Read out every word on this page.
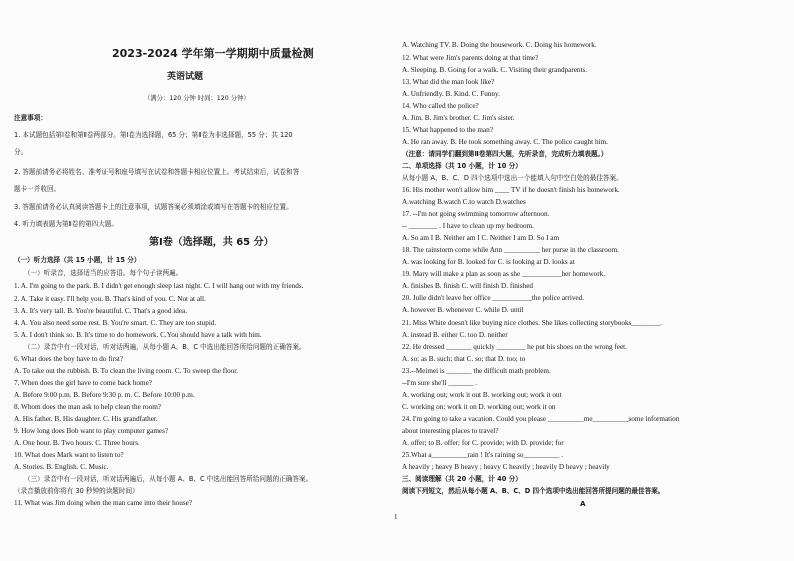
2023-2024 学年第一学期期中质量检测
英语试题
（满分：120 分钟 时间：120 分钟）
注意事项：
1. 本试题包括第Ⅰ卷和第Ⅱ卷两部分。第Ⅰ卷为选择题，65 分；第Ⅱ卷为非选择题，55 分；共 120
分。
2. 答题前请务必将姓名、准考证号和座号填写在试卷和答题卡相应位置上。考试结束后，试卷和答
题卡一并收回。
3. 答题前请务必认真阅读答题卡上的注意事项，试题答案必须填涂或填写在答题卡的相应位置。
4. 听力填表题为第Ⅱ卷的第四大题。
第Ⅰ卷（选择题，共 65 分）
（一）听力选择（共 15 小题，计 15 分）
（一）听录音，选择适当的应答语。每个句子读两遍。
1. A. I'm going to the park. B. I didn't get enough sleep last night. C. I will hang out with my friends.
2. A. Take it easy. I'll help you. B. That's kind of you. C. Not at all.
3. A. It's very tall. B. You're beautiful. C. That's a good idea.
4. A. You also need some rest. B. You're smart. C. They are too stupid.
5. A. I don't think so. B. It's time to do homework. C.You should have a talk with him.
（二）录音中有一段对话，听对话两遍，从每小题 A、B、C 中选出能回答所给问题的正确答案。
6. What does the boy have to do first?
A. To take out the rubbish. B. To clean the living room. C. To sweep the floor.
7. When does the girl have to come back home?
A. Before 9:00 p.m. B. Before 9:30 p. m. C. Before 10:00 p.m.
8. Whom does the man ask to help clean the room?
A. His father. B. His daughter. C. His grandfather.
9. How long does Bob want to play computer games?
A. One hour. B. Two hours. C. Three hours.
10. What does Mark want to listen to?
A. Stories. B. English. C. Music.
（三）录音中有一段对话，听对话两遍后，从每小题 A、B、C 中选出能回答所给问题的正确答案。
（录音播放前你将有 30 秒钟的读题时间）
11. What was Jim doing when the man came into their house?
A. Watching TV. B. Doing the housework. C. Doing his homework.
12. What were Jim's parents doing at that time?
A. Sleeping. B. Going for a walk. C. Visiting their grandparents.
13. What did the man look like?
A. Unfriendly. B. Kind. C. Funny.
14. Who called the police?
A. Jim. B. Jim's brother. C. Jim's sister.
15. What happened to the man?
A. He ran away. B. He took something away. C. The police caught him.
（注意：请同学们翻到第Ⅱ卷第四大题，先听录音，完成听力填表题。）
二、单项选择（共 10 小题，计 10 分）
从每小题 A、B、C、D 四个选项中选出一个能填入句中空白处的最佳答案。
16. His mother won't allow him ____ TV if he doesn't finish his homework.
A.watching B.watch C.to watch D.watches
17. --I'm not going swimming tomorrow afternoon.
-- ________ . I have to clean up my bedroom.
A. So am I B. Neither am I C. Neither I am D. So I am
18. The rainstorm come while Ann __________ her purse in the classroom.
A. was looking for B. looked for C. is looking at D. looks at
19. Mary will make a plan as soon as she ___________her homework.
A. finishes B. finish C. will finish D. finished
20. Julie didn't leave her office ___________the police arrived.
A. however B. whenever C. while D. until
21. Miss White doesn't like buying nice clothes. She likes collecting storybooks________.
A. instead B. either C. too D. neither
22. He dressed _______ quickly ________ he put his shoes on the wrong feet.
A. so; as B. such; that C. so; that D. too; to
23.--Meimei is _______ the difficult math problem.
--I'm sure she'll _______ .
A. working out; work it out B. working out; work it out
C. working on; work it on D. working out; work it on
24. I'm going to take a vacation. Could you please __________me__________some information
about interesting places to travel?
A. offer; to B. offer; for C. provide; with D. provide; for
25.What a__________rain ! It's raining so__________ .
A heavily ; heavy B heavy ; heavy C heavily ; heavily D heavy ; heavily
三、阅读理解（共 20 小题，计 40 分）
阅读下列短文，然后从每小题 A、B、C、D 四个选项中选出能回答所提问题的最佳答案。
A
1
